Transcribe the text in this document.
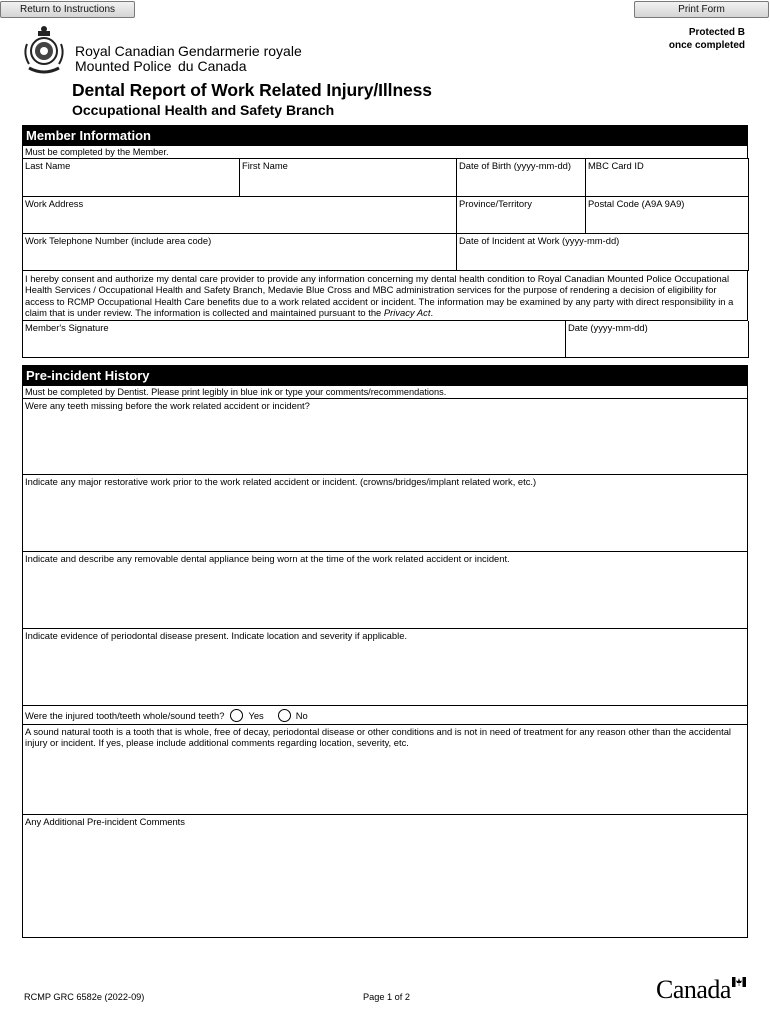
Return to Instructions	Print Form
Protected B
once completed
Royal Canadian
Mounted Police
Gendarmerie royale
du Canada
Dental Report of Work Related Injury/Illness
Occupational Health and Safety Branch
Member Information
Must be completed by the Member.
Last Name	First Name	Date of Birth (yyyy-mm-dd)	MBC Card ID
Work Address		Province/Territory	Postal Code (A9A 9A9)
Work Telephone Number (include area code)		Date of Incident at Work (yyyy-mm-dd)	
I hereby consent and authorize my dental care provider to provide any information concerning my dental health condition to Royal Canadian Mounted Police Occupational Health Services / Occupational Health and Safety Branch, Medavie Blue Cross and MBC administration services for the purpose of rendering a decision of eligibility for access to RCMP Occupational Health Care benefits due to a work related accident or incident. The information may be examined by any party with direct responsibility in a claim that is under review. The information is collected and maintained pursuant to the Privacy Act.
Member's Signature	Date (yyyy-mm-dd)
Pre-incident History
Must be completed by Dentist. Please print legibly in blue ink or type your comments/recommendations.
Were any teeth missing before the work related accident or incident?
Indicate any major restorative work prior to the work related accident or incident. (crowns/bridges/implant related work, etc.)
Indicate and describe any removable dental appliance being worn at the time of the work related accident or incident.
Indicate evidence of periodontal disease present. Indicate location and severity if applicable.
Were the injured tooth/teeth whole/sound teeth?	Yes	No
A sound natural tooth is a tooth that is whole, free of decay, periodontal disease or other conditions and is not in need of treatment for any reason other than the accidental injury or incident. If yes, please include additional comments regarding location, severity, etc.
Any Additional Pre-incident Comments
RCMP GRC 6582e (2022-09)	Page 1 of 2	Canada
